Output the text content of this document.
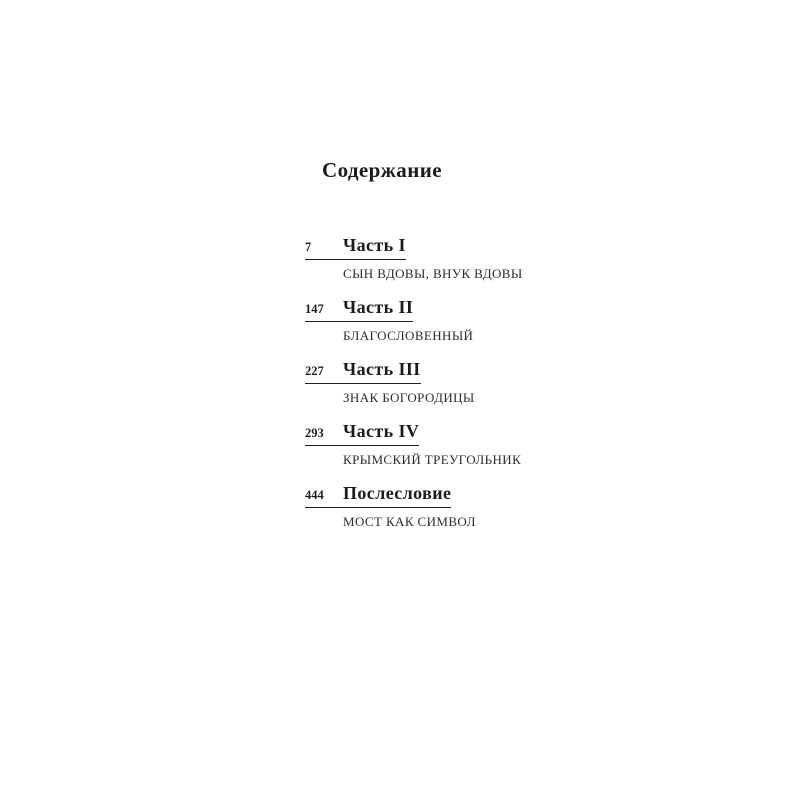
Содержание
7 Часть I
СЫН ВДОВЫ, ВНУК ВДОВЫ
147 Часть II
БЛАГОСЛОВЕННЫЙ
227 Часть III
ЗНАК БОГОРОДИЦЫ
293 Часть IV
КРЫМСКИЙ ТРЕУГОЛЬНИК
444 Послесловие
МОСТ КАК СИМВОЛ
